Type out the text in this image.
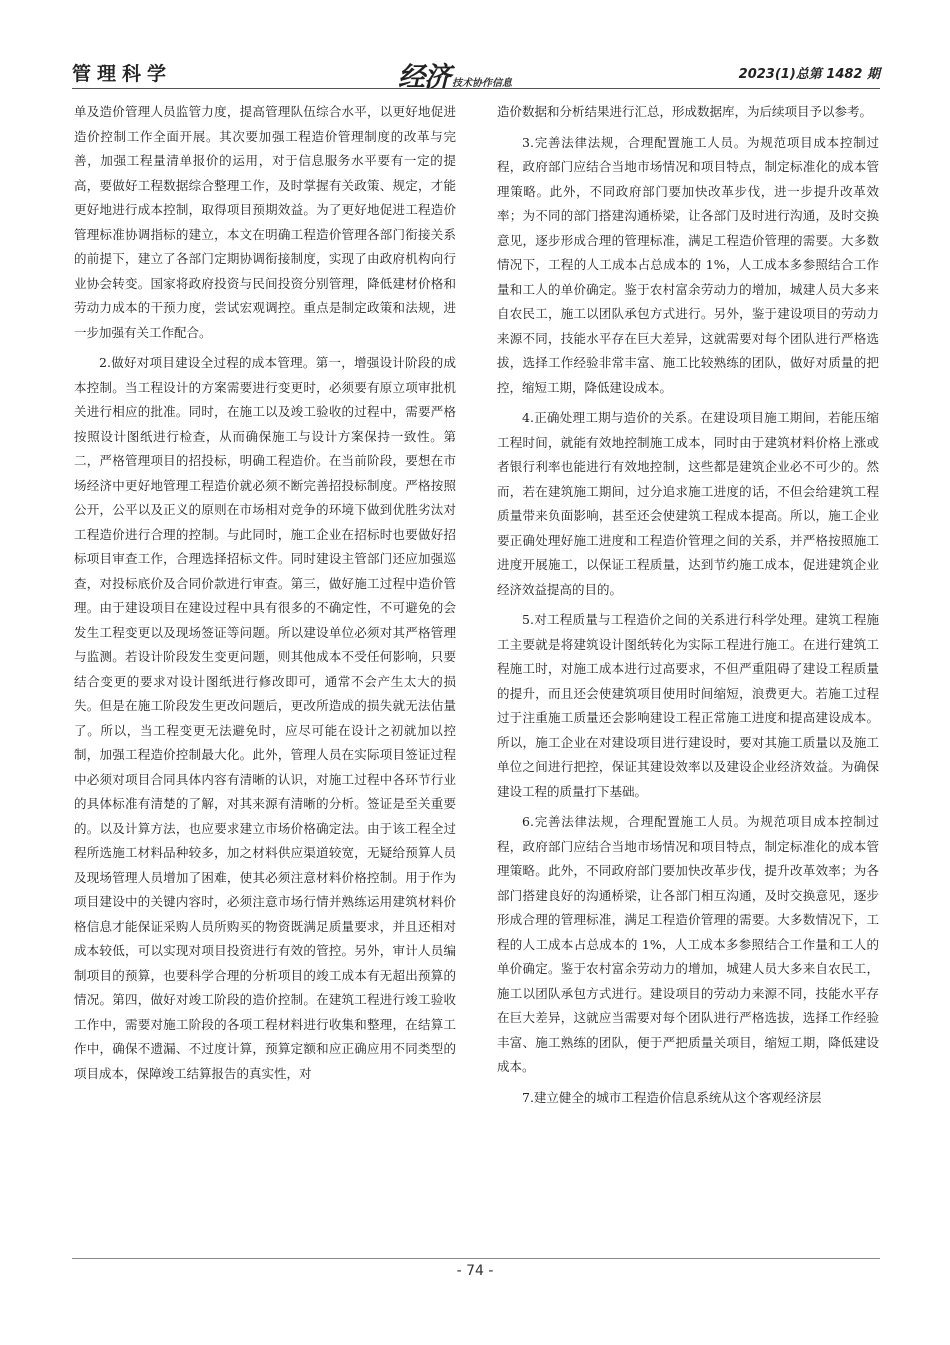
管理科学	经济 技术协作信息
2023(1)总第 1482 期

单及造价管理人员监管力度，提高管理队伍综合水平，以更好地促进造价控制工作全面开展。其次要加强工程造价管理制度的改革与完善，加强工程量清单报价的运用，对于信息服务水平要有一定的提高，要做好工程数据综合整理工作，及时掌握有关政策、规定，才能更好地进行成本控制，取得项目预期效益。为了更好地促进工程造价管理标准协调指标的建立，本文在明确工程造价管理各部门衔接关系的前提下，建立了各部门定期协调衔接制度，实现了由政府机构向行业协会转变。国家将政府投资与民间投资分别管理，降低建材价格和劳动力成本的干预力度，尝试宏观调控。重点是制定政策和法规，进一步加强有关工作配合。

2.做好对项目建设全过程的成本管理。第一，增强设计阶段的成本控制。当工程设计的方案需要进行变更时，必须要有原立项审批机关进行相应的批准。同时，在施工以及竣工验收的过程中，需要严格按照设计图纸进行检查，从而确保施工与设计方案保持一致性。第二，严格管理项目的招投标，明确工程造价。在当前阶段，要想在市场经济中更好地管理工程造价就必须不断完善招投标制度。严格按照公开，公平以及正义的原则在市场相对竞争的环境下做到优胜劣汰对工程造价进行合理的控制。与此同时，施工企业在招标时也要做好招标项目审查工作，合理选择招标文件。同时建设主管部门还应加强巡查，对投标底价及合同价款进行审查。第三，做好施工过程中造价管理。由于建设项目在建设过程中具有很多的不确定性，不可避免的会发生工程变更以及现场签证等问题。所以建设单位必须对其严格管理与监测。若设计阶段发生变更问题，则其他成本不受任何影响，只要结合变更的要求对设计图纸进行修改即可，通常不会产生太大的损失。但是在施工阶段发生更改问题后，更改所造成的损失就无法估量了。所以，当工程变更无法避免时，应尽可能在设计之初就加以控制，加强工程造价控制最大化。此外，管理人员在实际项目签证过程中必须对项目合同具体内容有清晰的认识，对施工过程中各环节行业的具体标准有清楚的了解，对其来源有清晰的分析。签证是至关重要的。以及计算方法，也应要求建立市场价格确定法。由于该工程全过程所选施工材料品种较多，加之材料供应渠道较宽，无疑给预算人员及现场管理人员增加了困难，使其必须注意材料价格控制。用于作为项目建设中的关键内容时，必须注意市场行情并熟练运用建筑材料价格信息才能保证采购人员所购买的物资既满足质量要求，并且还相对成本较低，可以实现对项目投资进行有效的管控。另外，审计人员编制项目的预算，也要科学合理的分析项目的竣工成本有无超出预算的情况。第四，做好对竣工阶段的造价控制。在建筑工程进行竣工验收工作中，需要对施工阶段的各项工程材料进行收集和整理，在结算工作中，确保不遗漏、不过度计算，预算定额和应正确应用不同类型的项目成本，保障竣工结算报告的真实性，对

造价数据和分析结果进行汇总，形成数据库，为后续项目予以参考。

3.完善法律法规，合理配置施工人员。为规范项目成本控制过程，政府部门应结合当地市场情况和项目特点，制定标准化的成本管理策略。此外，不同政府部门要加快改革步伐，进一步提升改革效率；为不同的部门搭建沟通桥梁，让各部门及时进行沟通，及时交换意见，逐步形成合理的管理标准，满足工程造价管理的需要。大多数情况下，工程的人工成本占总成本的 1%，人工成本多参照结合工作量和工人的单价确定。鉴于农村富余劳动力的增加，城建人员大多来自农民工，施工以团队承包方式进行。另外，鉴于建设项目的劳动力来源不同，技能水平存在巨大差异，这就需要对每个团队进行严格选拔，选择工作经验非常丰富、施工比较熟练的团队，做好对质量的把控，缩短工期，降低建设成本。

4.正确处理工期与造价的关系。在建设项目施工期间，若能压缩工程时间，就能有效地控制施工成本，同时由于建筑材料价格上涨或者银行利率也能进行有效地控制，这些都是建筑企业必不可少的。然而，若在建筑施工期间，过分追求施工进度的话，不但会给建筑工程质量带来负面影响，甚至还会使建筑工程成本提高。所以，施工企业要正确处理好施工进度和工程造价管理之间的关系，并严格按照施工进度开展施工，以保证工程质量，达到节约施工成本，促进建筑企业经济效益提高的目的。

5.对工程质量与工程造价之间的关系进行科学处理。建筑工程施工主要就是将建筑设计图纸转化为实际工程进行施工。在进行建筑工程施工时，对施工成本进行过高要求，不但严重阻碍了建设工程质量的提升，而且还会使建筑项目使用时间缩短，浪费更大。若施工过程过于注重施工质量还会影响建设工程正常施工进度和提高建设成本。所以，施工企业在对建设项目进行建设时，要对其施工质量以及施工单位之间进行把控，保证其建设效率以及建设企业经济效益。为确保建设工程的质量打下基础。

6.完善法律法规，合理配置施工人员。为规范项目成本控制过程，政府部门应结合当地市场情况和项目特点，制定标准化的成本管理策略。此外，不同政府部门要加快改革步伐，提升改革效率；为各部门搭建良好的沟通桥梁，让各部门相互沟通，及时交换意见，逐步形成合理的管理标准，满足工程造价管理的需要。大多数情况下，工程的人工成本占总成本的 1%，人工成本多参照结合工作量和工人的单价确定。鉴于农村富余劳动力的增加，城建人员大多来自农民工，施工以团队承包方式进行。建设项目的劳动力来源不同，技能水平存在巨大差异，这就应当需要对每个团队进行严格选拔，选择工作经验丰富、施工熟练的团队，便于严把质量关项目，缩短工期，降低建设成本。

7.建立健全的城市工程造价信息系统从这个客观经济层

- 74 -
